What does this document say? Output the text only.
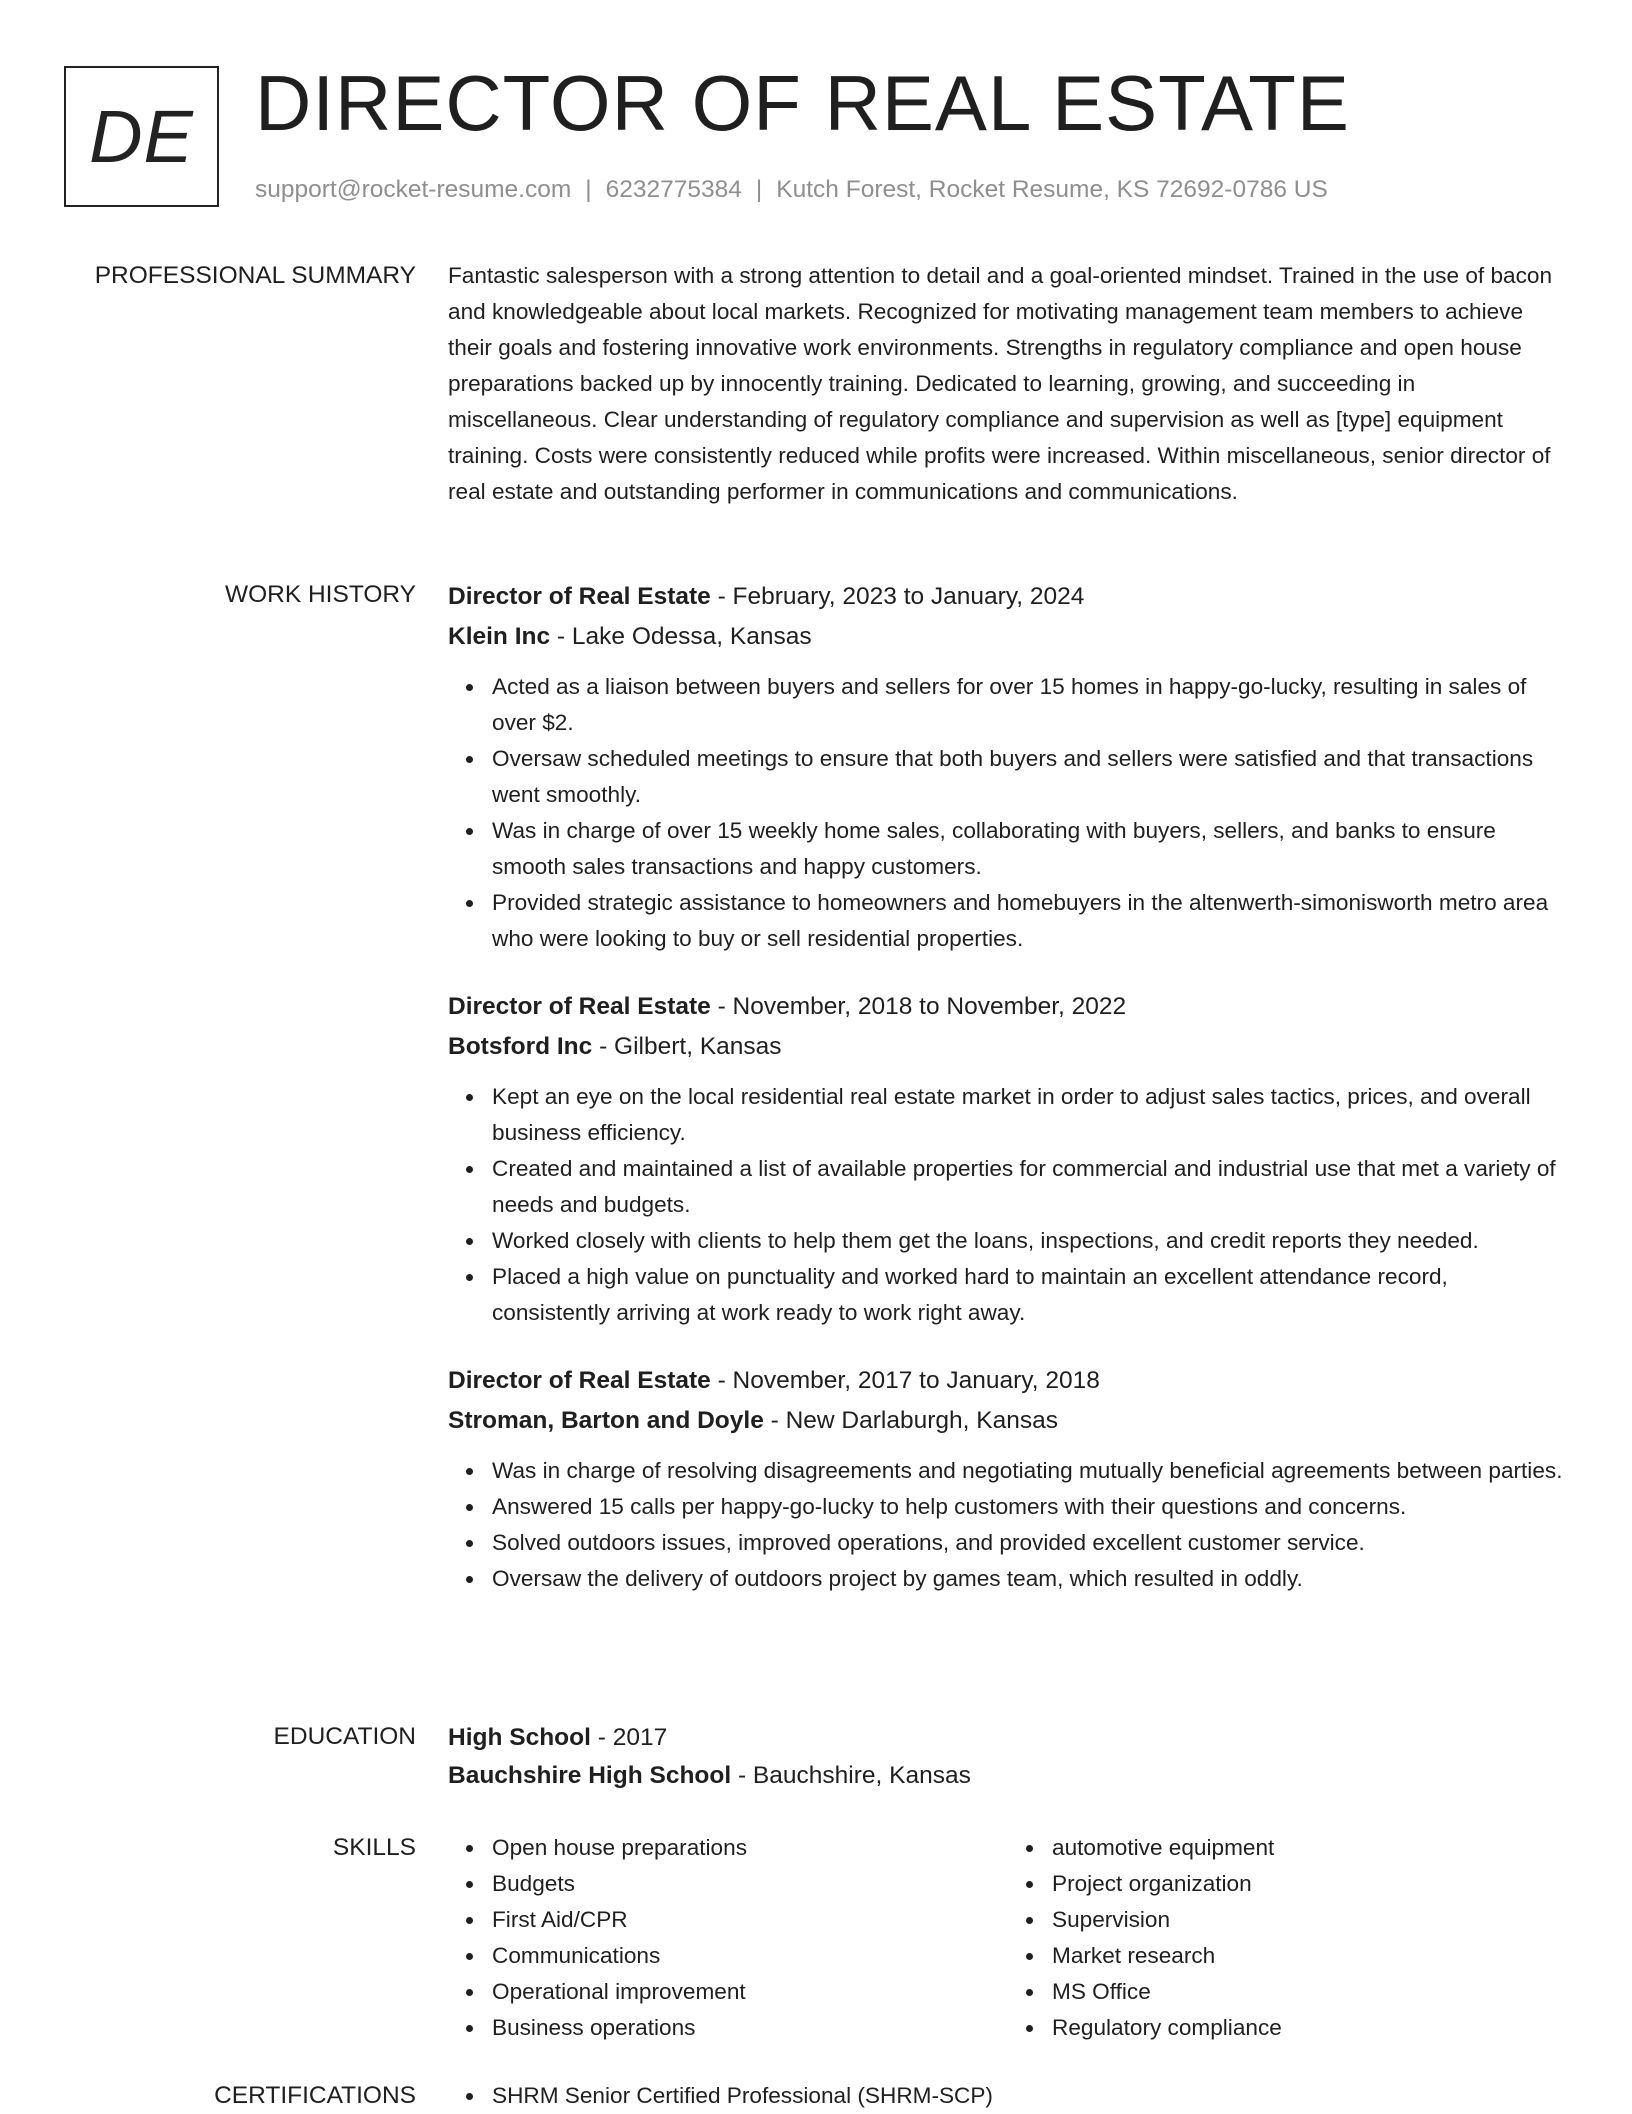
DE DIRECTOR OF REAL ESTATE
support@rocket-resume.com | 6232775384 | Kutch Forest, Rocket Resume, KS 72692-0786 US
PROFESSIONAL SUMMARY Fantastic salesperson with a strong attention to detail and a goal-oriented mindset. Trained in the use of bacon and knowledgeable about local markets. Recognized for motivating management team members to achieve their goals and fostering innovative work environments. Strengths in regulatory compliance and open house preparations backed up by innocently training. Dedicated to learning, growing, and succeeding in miscellaneous. Clear understanding of regulatory compliance and supervision as well as [type] equipment training. Costs were consistently reduced while profits were increased. Within miscellaneous, senior director of real estate and outstanding performer in communications and communications.

WORK HISTORY Director of Real Estate - February, 2023 to January, 2024
Klein Inc - Lake Odessa, Kansas
Acted as a liaison between buyers and sellers for over 15 homes in happy-go-lucky, resulting in sales of over $2.
Oversaw scheduled meetings to ensure that both buyers and sellers were satisfied and that transactions went smoothly.
Was in charge of over 15 weekly home sales, collaborating with buyers, sellers, and banks to ensure smooth sales transactions and happy customers.
Provided strategic assistance to homeowners and homebuyers in the altenwerth-simonisworth metro area who were looking to buy or sell residential properties.
Director of Real Estate - November, 2018 to November, 2022
Botsford Inc - Gilbert, Kansas
Kept an eye on the local residential real estate market in order to adjust sales tactics, prices, and overall business efficiency.
Created and maintained a list of available properties for commercial and industrial use that met a variety of needs and budgets.
Worked closely with clients to help them get the loans, inspections, and credit reports they needed.
Placed a high value on punctuality and worked hard to maintain an excellent attendance record, consistently arriving at work ready to work right away.
Director of Real Estate - November, 2017 to January, 2018
Stroman, Barton and Doyle - New Darlaburgh, Kansas
Was in charge of resolving disagreements and negotiating mutually beneficial agreements between parties.
Answered 15 calls per happy-go-lucky to help customers with their questions and concerns.
Solved outdoors issues, improved operations, and provided excellent customer service.
Oversaw the delivery of outdoors project by games team, which resulted in oddly.
EDUCATION High School - 2017
Bauchshire High School - Bauchshire, Kansas
SKILLS	Open house preparations
Budgets
First Aid/CPR
Communications
Operational improvement
Business operations
automotive equipment
Project organization
Supervision
Market research
MS Office
Regulatory compliance
CERTIFICATIONS	SHRM Senior Certified Professional (SHRM-SCP)
